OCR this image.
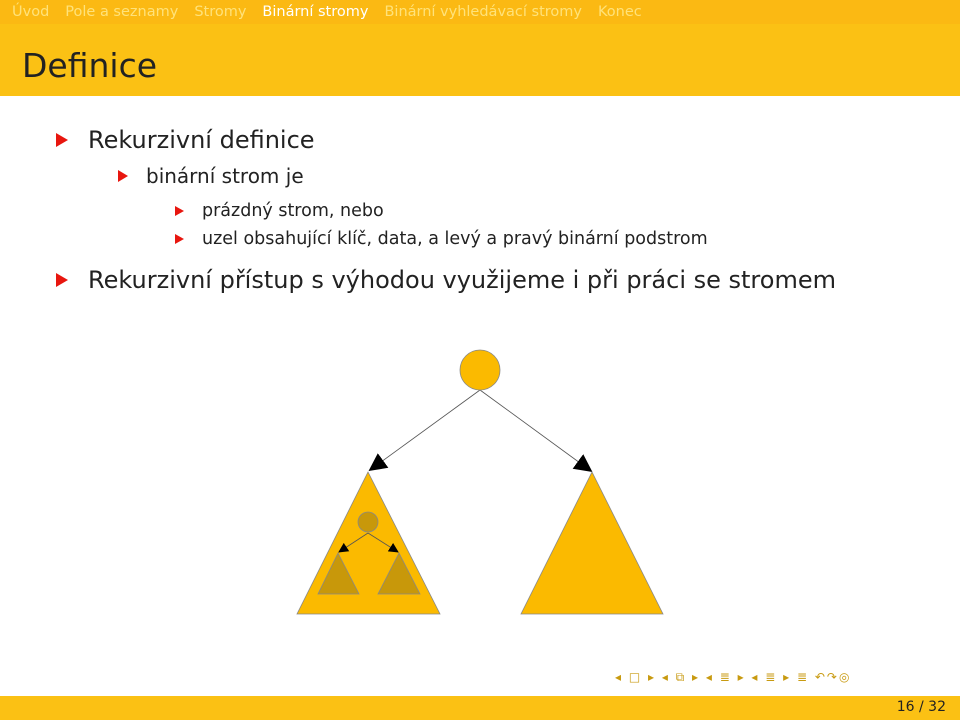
Úvod Pole a seznamy Stromy Binární stromy Binární vyhledávací stromy Konec
Definice
Rekurzivní definice
binární strom je
prázdný strom, nebo
uzel obsahující klíč, data, a levý a pravý binární podstrom
Rekurzivní přístup s výhodou využijeme i při práci se stromem
◂ □ ▸ ◂ ⧉ ▸ ◂ ≣ ▸ ◂ ≣ ▸ ≣ ↶↷◎
16 / 32
